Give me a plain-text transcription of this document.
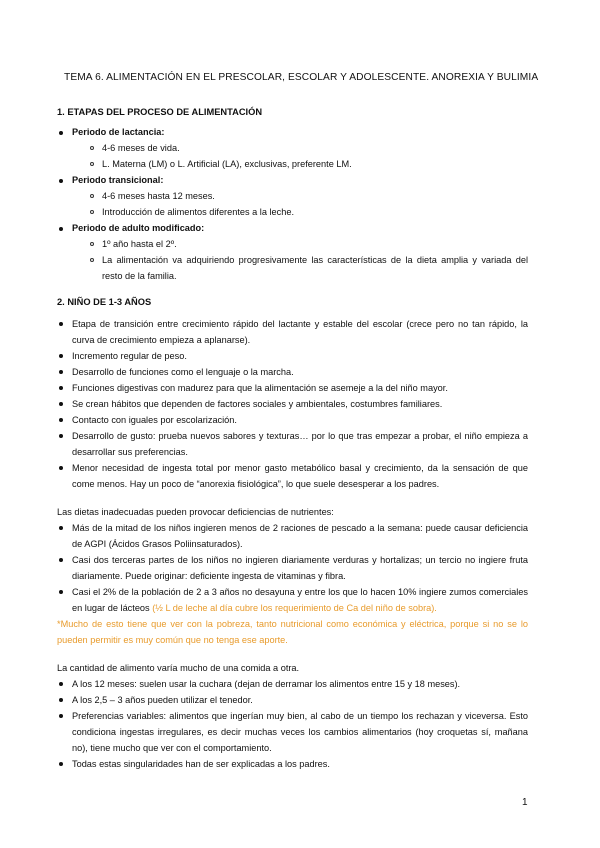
TEMA 6. ALIMENTACIÓN EN EL PRESCOLAR, ESCOLAR Y ADOLESCENTE. ANOREXIA Y BULIMIA
1. ETAPAS DEL PROCESO DE ALIMENTACIÓN
Periodo de lactancia:
4-6 meses de vida.
L. Materna (LM) o L. Artificial (LA), exclusivas, preferente LM.
Periodo transicional:
4-6 meses hasta 12 meses.
Introducción de alimentos diferentes a la leche.
Periodo de adulto modificado:
1º año hasta el 2º.
La alimentación va adquiriendo progresivamente las características de la dieta amplia y variada del resto de la familia.
2. NIÑO DE 1-3 AÑOS
Etapa de transición entre crecimiento rápido del lactante y estable del escolar (crece pero no tan rápido, la curva de crecimiento empieza a aplanarse).
Incremento regular de peso.
Desarrollo de funciones como el lenguaje o la marcha.
Funciones digestivas con madurez para que la alimentación se asemeje a la del niño mayor.
Se crean hábitos que dependen de factores sociales y ambientales, costumbres familiares.
Contacto con iguales por escolarización.
Desarrollo de gusto: prueba nuevos sabores y texturas… por lo que tras empezar a probar, el niño empieza a desarrollar sus preferencias.
Menor necesidad de ingesta total por menor gasto metabólico basal y crecimiento, da la sensación de que come menos. Hay un poco de “anorexia fisiológica”, lo que suele desesperar a los padres.
Las dietas inadecuadas pueden provocar deficiencias de nutrientes:
Más de la mitad de los niños ingieren menos de 2 raciones de pescado a la semana: puede causar deficiencia de AGPI (Ácidos Grasos Poliinsaturados).
Casi dos terceras partes de los niños no ingieren diariamente verduras y hortalizas; un tercio no ingiere fruta diariamente. Puede originar: deficiente ingesta de vitaminas y fibra.
Casi el 2% de la población de 2 a 3 años no desayuna y entre los que lo hacen 10% ingiere zumos comerciales en lugar de lácteos (½ L de leche al día cubre los requerimiento de Ca del niño de sobra).
*Mucho de esto tiene que ver con la pobreza, tanto nutricional como económica y eléctrica, porque si no se lo pueden permitir es muy común que no tenga ese aporte.
La cantidad de alimento varía mucho de una comida a otra.
A los 12 meses: suelen usar la cuchara (dejan de derramar los alimentos entre 15 y 18 meses).
A los 2,5 – 3 años pueden utilizar el tenedor.
Preferencias variables: alimentos que ingerían muy bien, al cabo de un tiempo los rechazan y viceversa. Esto condiciona ingestas irregulares, es decir muchas veces los cambios alimentarios (hoy croquetas sí, mañana no), tiene mucho que ver con el comportamiento.
Todas estas singularidades han de ser explicadas a los padres.
1
